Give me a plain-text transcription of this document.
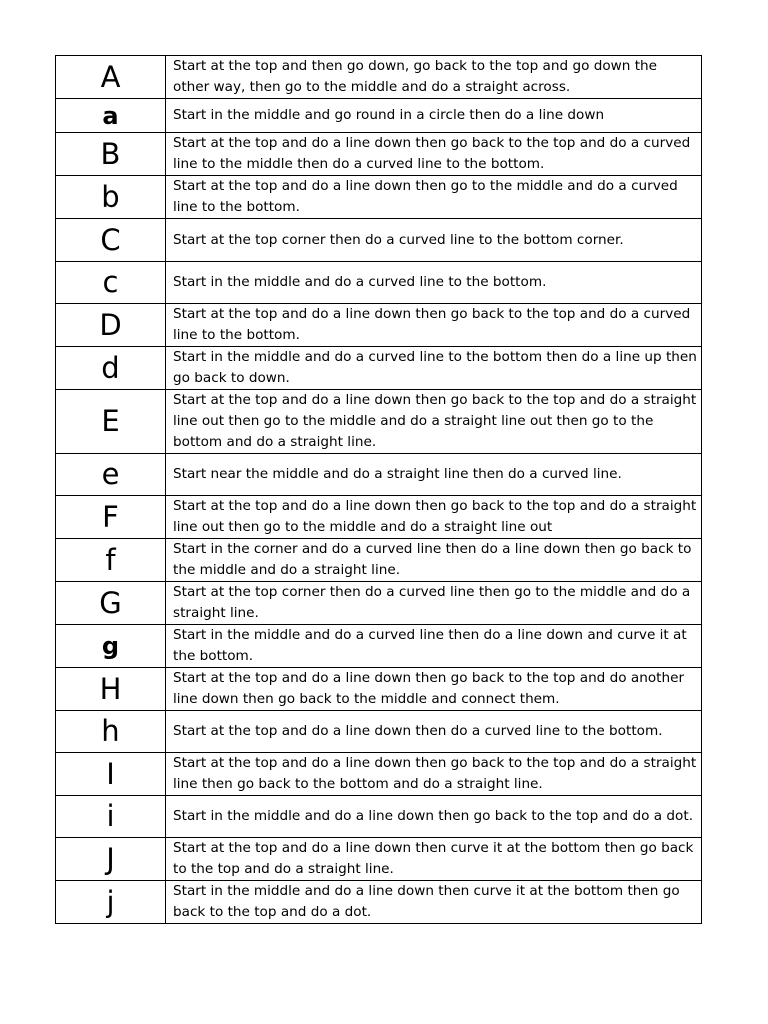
A	Start at the top and then go down, go back to the top and go down the other way, then go to the middle and do a straight across.
a	Start in the middle and go round in a circle then do a line down
B	Start at the top and do a line down then go back to the top and do a curved line to the middle then do a curved line to the bottom.
b	Start at the top and do a line down then go to the middle and do a curved line to the bottom.
C	Start at the top corner then do a curved line to the bottom corner.
c	Start in the middle and do a curved line to the bottom.
D	Start at the top and do a line down then go back to the top and do a curved line to the bottom.
d	Start in the middle and do a curved line to the bottom then do a line up then go back to down.
E	Start at the top and do a line down then go back to the top and do a straight line out then go to the middle and do a straight line out then go to the bottom and do a straight line.
e	Start near the middle and do a straight line then do a curved line.
F	Start at the top and do a line down then go back to the top and do a straight line out then go to the middle and do a straight line out
f	Start in the corner and do a curved line then do a line down then go back to the middle and do a straight line.
G	Start at the top corner then do a curved line then go to the middle and do a straight line.
g	Start in the middle and do a curved line then do a line down and curve it at the bottom.
H	Start at the top and do a line down then go back to the top and do another line down then go back to the middle and connect them.
h	Start at the top and do a line down then do a curved line to the bottom.
I	Start at the top and do a line down then go back to the top and do a straight line then go back to the bottom and do a straight line.
i	Start in the middle and do a line down then go back to the top and do a dot.
J	Start at the top and do a line down then curve it at the bottom then go back to the top and do a straight line.
j	Start in the middle and do a line down then curve it at the bottom then go back to the top and do a dot.
